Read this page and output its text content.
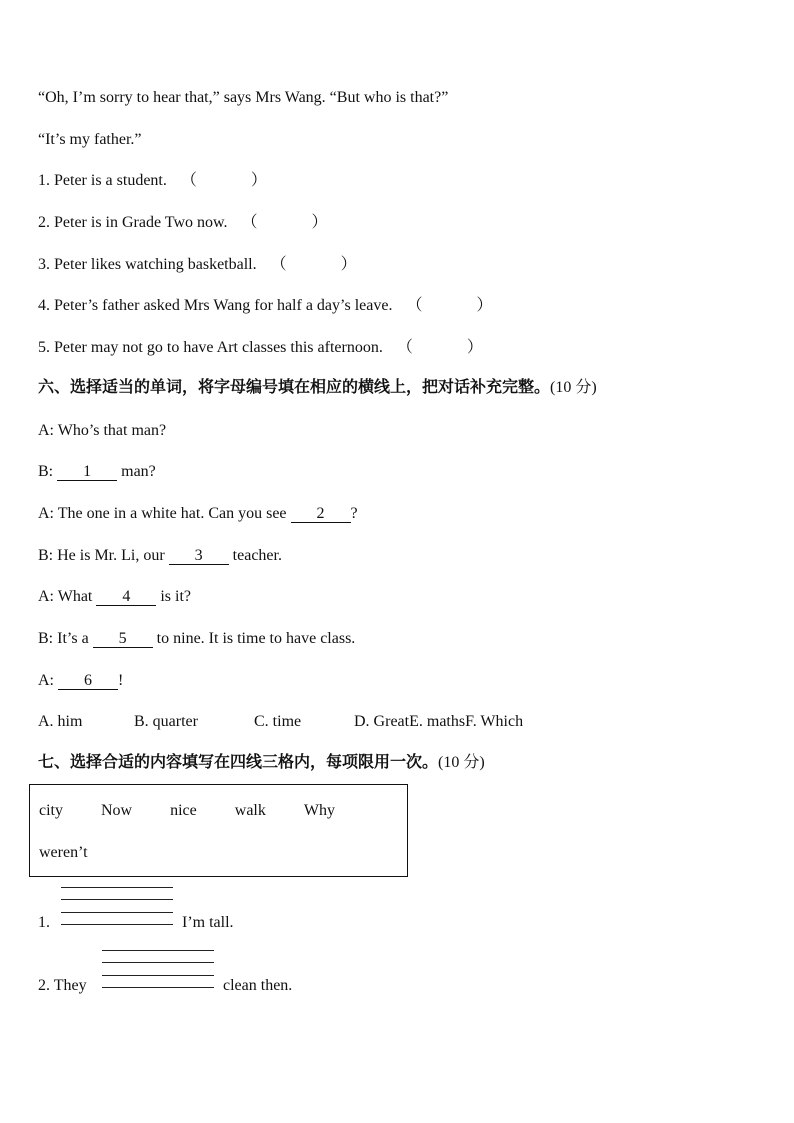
“Oh, I’m sorry to hear that,” says Mrs Wang. “But who is that?”
“It’s my father.”
1. Peter is a student. （	）
2. Peter is in Grade Two now. （	）
3. Peter likes watching basketball. （	）
4. Peter’s father asked Mrs Wang for half a day’s leave. （	）
5. Peter may not go to have Art classes this afternoon. （	）
六、选择适当的单词，将字母编号填在相应的横线上，把对话补充完整。(10 分)
A: Who’s that man?
B: 1 man?
A: The one in a white hat. Can you see 2 ?
B: He is Mr. Li, our 3 teacher.
A: What 4 is it?
B: It’s a 5 to nine. It is time to have class.
A: 6 !
A. him	B. quarter	C. time	D. GreatE. mathsF. Which
七、选择合适的内容填写在四线三格内，每项限用一次。(10 分)
city Now nice walk Why
weren’t
1.	I’m tall.
2. They	clean then.
